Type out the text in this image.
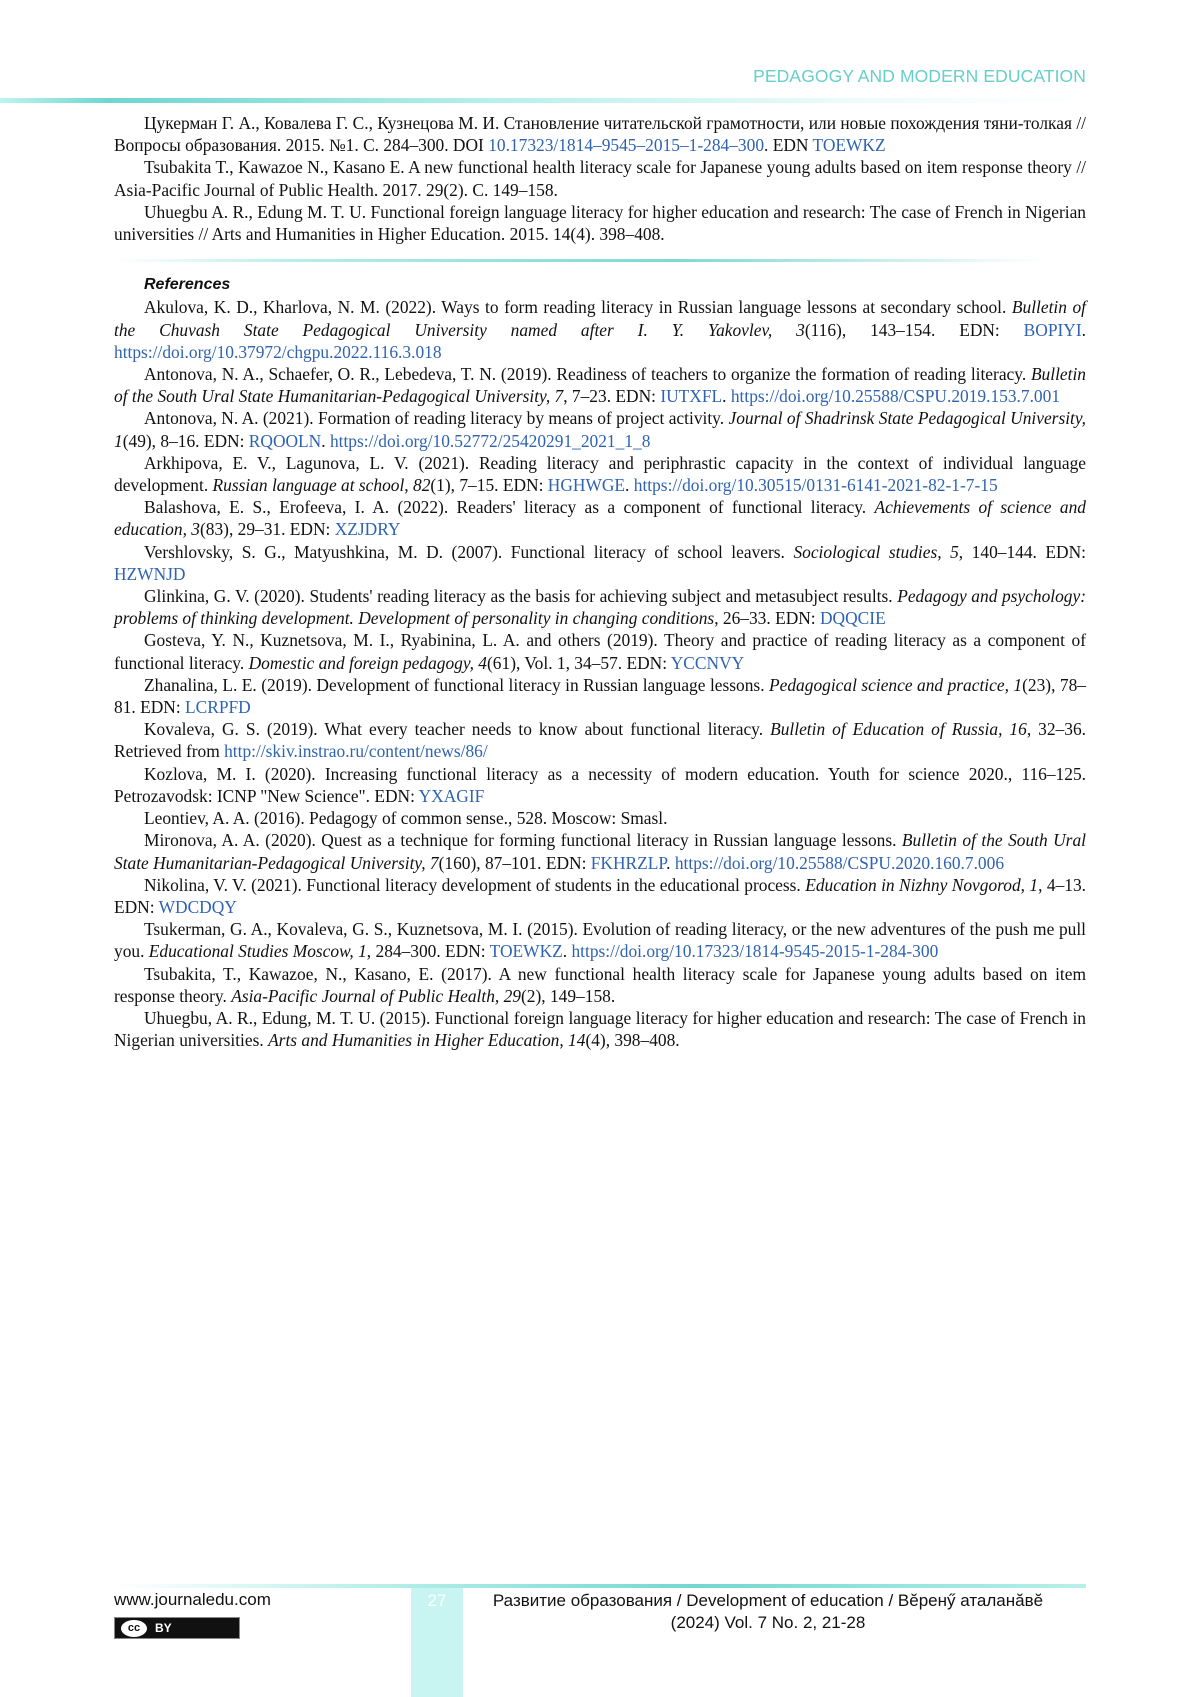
PEDAGOGY AND MODERN EDUCATION

Цукерман Г. А., Ковалева Г. С., Кузнецова М. И. Становление читательской грамотности, или новые похожде­ния тяни-толкая // Вопросы образования. 2015. №1. С. 284–300. DOI 10.17323/1814–9545–2015–1-284–300. EDN TOEWKZ

Tsubakita T., Kawazoe N., Kasano E. A new functional health literacy scale for Japanese young adults based on item response theory // Asia-Pacific Journal of Public Health. 2017. 29(2). C. 149–158.

Uhuegbu A. R., Edung M. T. U. Functional foreign language literacy for higher education and research: The case of French in Nigerian universities // Arts and Humanities in Higher Education. 2015. 14(4). 398–408.

References

Akulova, K. D., Kharlova, N. M. (2022). Ways to form reading literacy in Russian language lessons at secondary school. Bulletin of the Chuvash State Pedagogical University named after I. Y. Yakovlev, 3(116), 143–154. EDN: BOPIYI. https://doi.org/10.37972/chgpu.2022.116.3.018

Antonova, N. A., Schaefer, O. R., Lebedeva, T. N. (2019). Readiness of teachers to organize the formation of reading literacy. Bulletin of the South Ural State Humanitarian-Pedagogical University, 7, 7–23. EDN: IUTXFL. https://doi.org/10.25588/CSPU.2019.153.7.001

Antonova, N. A. (2021). Formation of reading literacy by means of project activity. Journal of Shadrinsk State Pedagogical University, 1(49), 8–16. EDN: RQOOLN. https://doi.org/10.52772/25420291_2021_1_8

Arkhipova, E. V., Lagunova, L. V. (2021). Reading literacy and periphrastic capacity in the context of individual language development. Russian language at school, 82(1), 7–15. EDN: HGHWGE. https://doi.org/10.30515/0131-6141-2021-82-1-7-15

Balashova, E. S., Erofeeva, I. A. (2022). Readers' literacy as a component of functional literacy. Achievements of science and education, 3(83), 29–31. EDN: XZJDRY

Vershlovsky, S. G., Matyushkina, M. D. (2007). Functional literacy of school leavers. Sociological studies, 5, 140–144. EDN: HZWNJD

Glinkina, G. V. (2020). Students' reading literacy as the basis for achieving subject and metasubject results. Pedagogy and psychology: problems of thinking development. Development of personality in changing conditions, 26–33. EDN: DQQCIE

Gosteva, Y. N., Kuznetsova, M. I., Ryabinina, L. A. and others (2019). Theory and practice of reading literacy as a component of functional literacy. Domestic and foreign pedagogy, 4(61), Vol. 1, 34–57. EDN: YCCNVY

Zhanalina, L. E. (2019). Development of functional literacy in Russian language lessons. Pedagogical science and practice, 1(23), 78–81. EDN: LCRPFD

Kovaleva, G. S. (2019). What every teacher needs to know about functional literacy. Bulletin of Education of Russia, 16, 32–36. Retrieved from http://skiv.instrao.ru/content/news/86/

Kozlova, M. I. (2020). Increasing functional literacy as a necessity of modern education. Youth for science 2020., 116–125. Petrozavodsk: ICNP "New Science". EDN: YXAGIF

Leontiev, A. A. (2016). Pedagogy of common sense., 528. Moscow: Smasl.

Mironova, A. A. (2020). Quest as a technique for forming functional literacy in Russian language lessons. Bulletin of the South Ural State Humanitarian-Pedagogical University, 7(160), 87–101. EDN: FKHRZLP. https://doi.org/10.25588/CSPU.2020.160.7.006

Nikolina, V. V. (2021). Functional literacy development of students in the educational process. Education in Nizhny Novgorod, 1, 4–13. EDN: WDCDQY

Tsukerman, G. A., Kovaleva, G. S., Kuznetsova, M. I. (2015). Evolution of reading literacy, or the new adventures of the push me pull you. Educational Studies Moscow, 1, 284–300. EDN: TOEWKZ. https://doi.org/10.17323/1814-9545-2015-1-284-300

Tsubakita, T., Kawazoe, N., Kasano, E. (2017). A new functional health literacy scale for Japanese young adults based on item response theory. Asia-Pacific Journal of Public Health, 29(2), 149–158.

Uhuegbu, A. R., Edung, M. T. U. (2015). Functional foreign language literacy for higher education and research: The case of French in Nigerian universities. Arts and Humanities in Higher Education, 14(4), 398–408.

27
www.journaledu.com
cc	BY
Развитие образования / Development of education / Вӗренӳ аталанӑвӗ
(2024) Vol. 7 No. 2, 21-28
